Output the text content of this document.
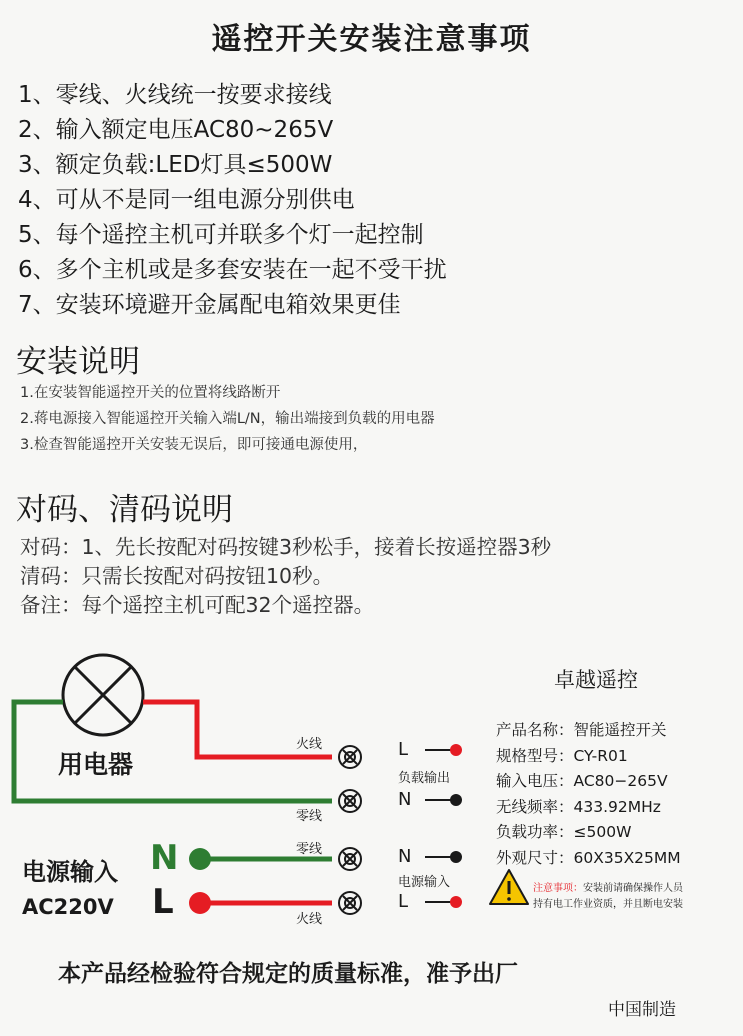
遥控开关安装注意事项
1、零线、火线统一按要求接线
2、输入额定电压AC80~265V
3、额定负载:LED灯具≤500W
4、可从不是同一组电源分别供电
5、每个遥控主机可并联多个灯一起控制
6、多个主机或是多套安装在一起不受干扰
7、安装环境避开金属配电箱效果更佳
安装说明
1.在安装智能遥控开关的位置将线路断开
2.蒋电源接入智能遥控开关输入端L/N，输出端接到负载的用电器
3.检查智能遥控开关安装无误后，即可接通电源使用，
对码、清码说明
对码：1、先长按配对码按键3秒松手，接着长按遥控器3秒
清码：只需长按配对码按钮10秒。
备注：每个遥控主机可配32个遥控器。
用电器
火线
零线
零线
火线
电源输入
AC220V
N
L
L
负载输出
N
N
电源输入
L
卓越遥控
产品名称：智能遥控开关
规格型号：CY-R01
输入电压：AC80−265V
无线频率：433.92MHz
负载功率：≤500W
外观尺寸：60X35X25MM
注意事项：安装前请确保操作人员
持有电工作业资质，并且断电安装
本产品经检验符合规定的质量标准，准予出厂
中国制造
